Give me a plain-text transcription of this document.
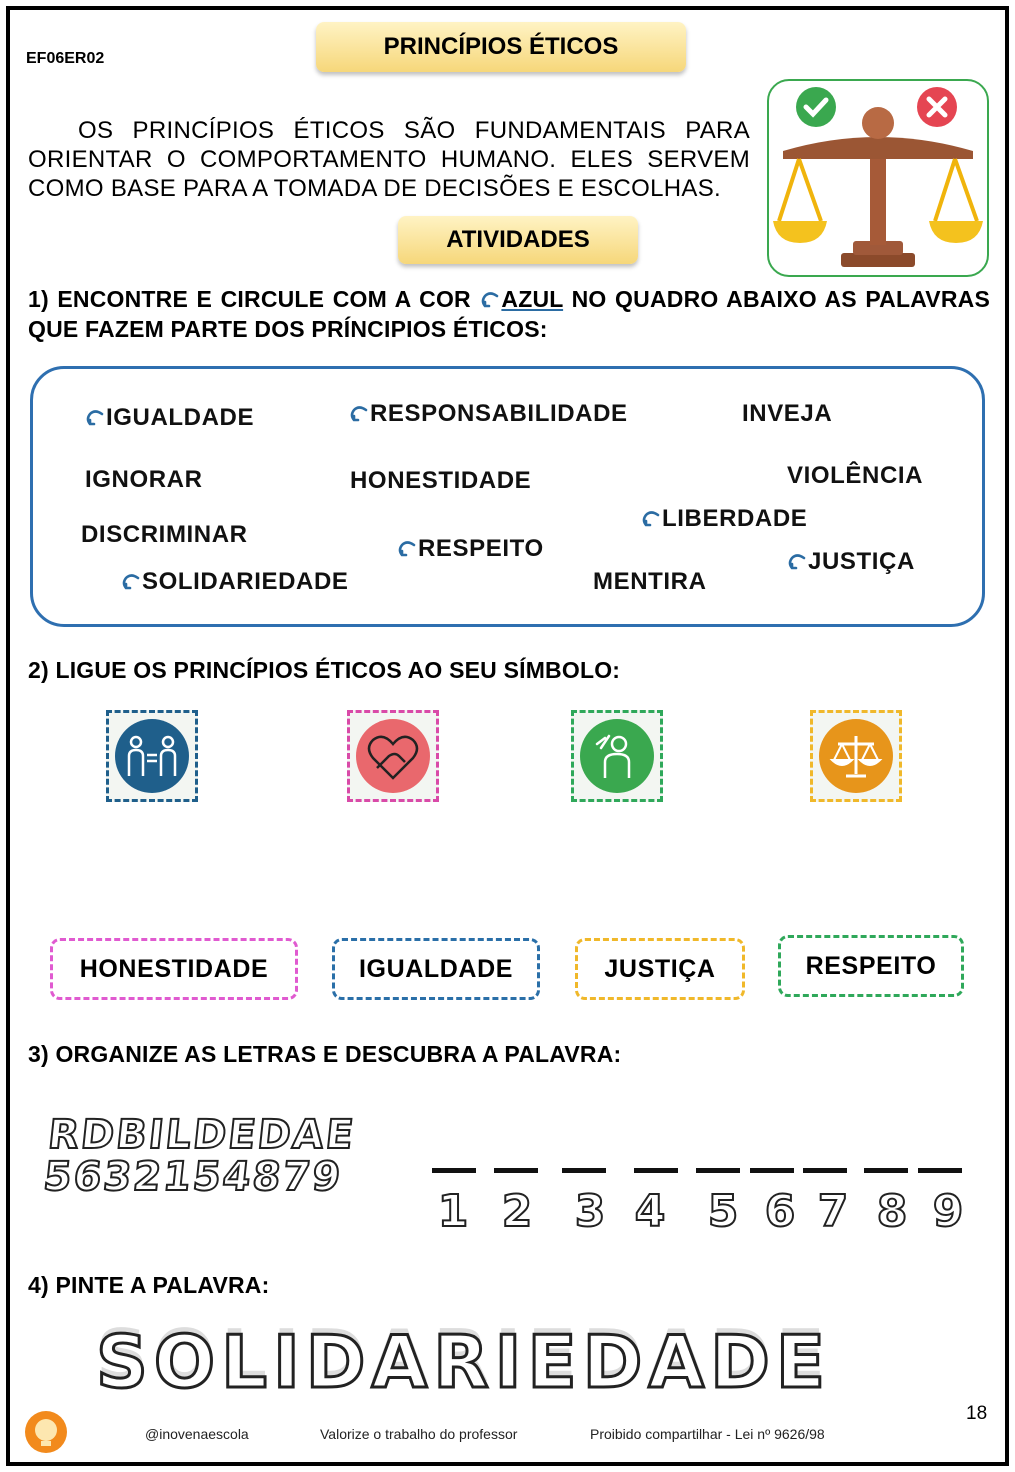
EF06ER02	PRINCÍPIOS ÉTICOS
OS PRINCÍPIOS ÉTICOS SÃO FUNDAMENTAIS PARA ORIENTAR O COMPORTAMENTO HUMANO. ELES SERVEM COMO BASE PARA A TOMADA DE DECISÕES E ESCOLHAS.
ATIVIDADES
1) ENCONTRE E CIRCULE COM A COR AZUL NO QUADRO ABAIXO AS PALAVRAS QUE FAZEM PARTE DOS PRÍNCIPIOS ÉTICOS:
IGUALDADE	RESPONSABILIDADE	INVEJA
IGNORAR	HONESTIDADE	VIOLÊNCIA
DISCRIMINAR
LIBERDADE
RESPEITO	JUSTIÇA
SOLIDARIEDADE	MENTIRA
2) LIGUE OS PRINCÍPIOS ÉTICOS AO SEU SÍMBOLO:
HONESTIDADE	IGUALDADE	JUSTIÇA	RESPEITO
3) ORGANIZE AS LETRAS E DESCUBRA A PALAVRA:
RDBILDEDAE
5632154879
1 2 3 4 5 6 7 8 9
4) PINTE A PALAVRA:
SOLIDARIEDADE
@inovenaescola	Valorize o trabalho do professor	Proibido compartilhar - Lei nº 9626/98
18
